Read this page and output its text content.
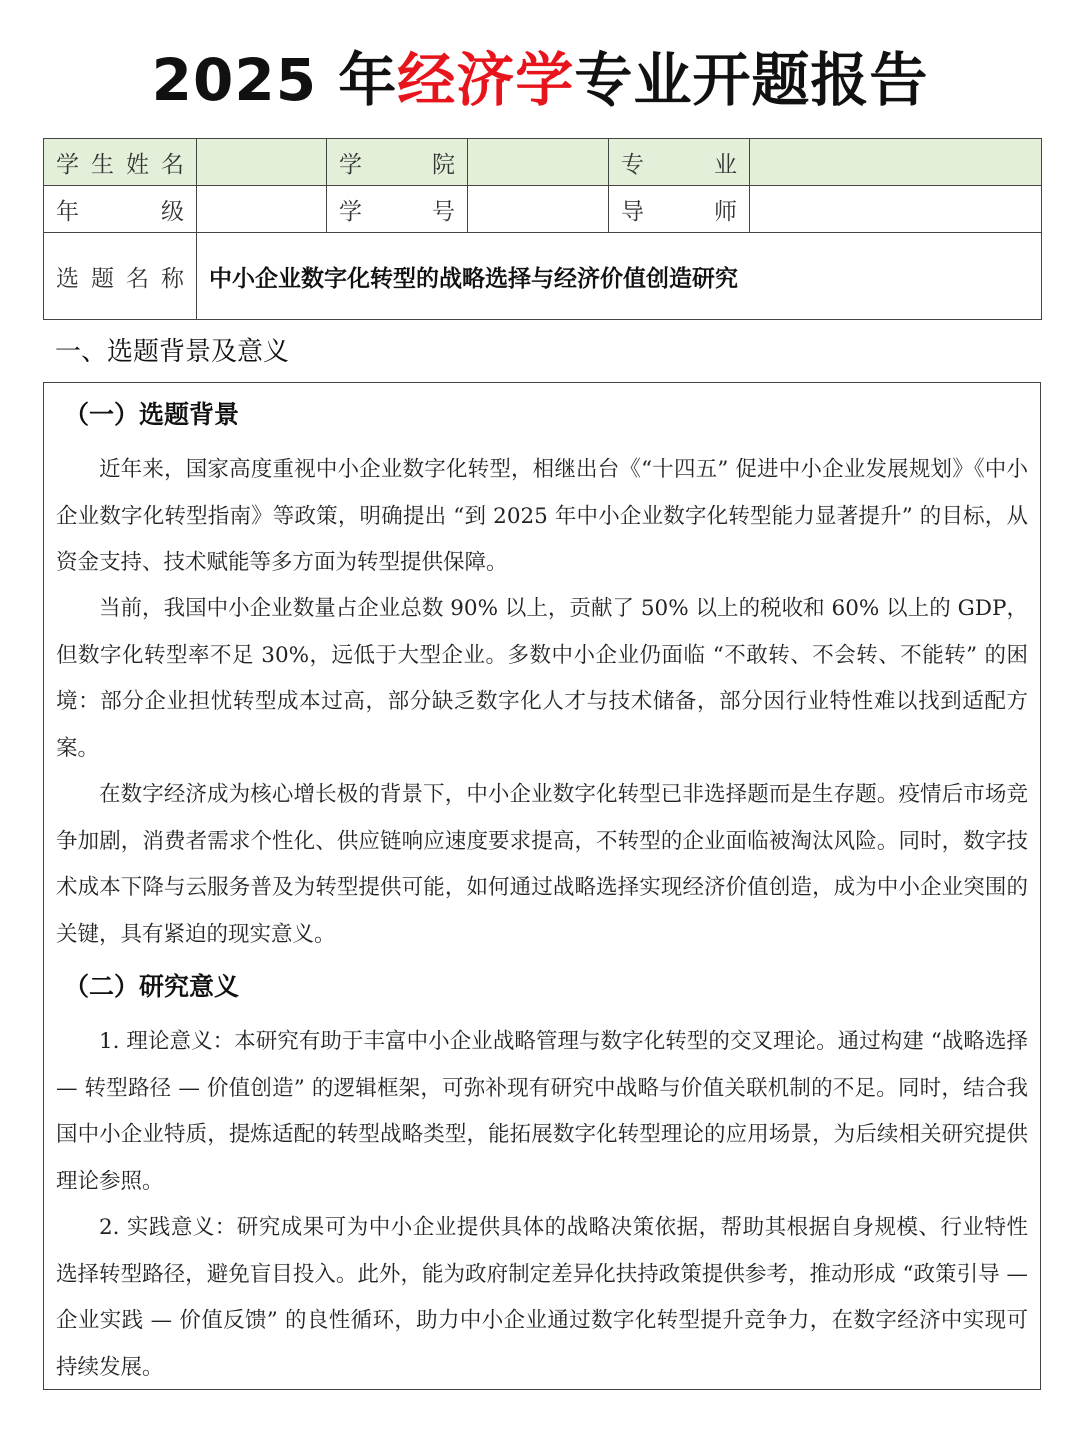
2025 年经济学专业开题报告
学 生 姓 名		学 院		专 业	

年 级		学 号		导 师	

选 题 名 称	中小企业数字化转型的战略选择与经济价值创造研究				
一、选题背景及意义
（一）选题背景

近年来，国家高度重视中小企业数字化转型，相继出台《“十四五” 促进中小企业发展规划》《中小企业数字化转型指南》等政策，明确提出 “到 2025 年中小企业数字化转型能力显著提升” 的目标，从资金支持、技术赋能等多方面为转型提供保障。

当前，我国中小企业数量占企业总数 90% 以上，贡献了 50% 以上的税收和 60% 以上的 GDP，但数字化转型率不足 30%，远低于大型企业。多数中小企业仍面临 “不敢转、不会转、不能转” 的困境：部分企业担忧转型成本过高，部分缺乏数字化人才与技术储备，部分因行业特性难以找到适配方案。

在数字经济成为核心增长极的背景下，中小企业数字化转型已非选择题而是生存题。疫情后市场竞争加剧，消费者需求个性化、供应链响应速度要求提高，不转型的企业面临被淘汰风险。同时，数字技术成本下降与云服务普及为转型提供可能，如何通过战略选择实现经济价值创造，成为中小企业突围的关键，具有紧迫的现实意义。

（二）研究意义

1. 理论意义：本研究有助于丰富中小企业战略管理与数字化转型的交叉理论。通过构建 “战略选择 — 转型路径 — 价值创造” 的逻辑框架，可弥补现有研究中战略与价值关联机制的不足。同时，结合我国中小企业特质，提炼适配的转型战略类型，能拓展数字化转型理论的应用场景，为后续相关研究提供理论参照。

2. 实践意义：研究成果可为中小企业提供具体的战略决策依据，帮助其根据自身规模、行业特性选择转型路径，避免盲目投入。此外，能为政府制定差异化扶持政策提供参考，推动形成 “政策引导 — 企业实践 — 价值反馈” 的良性循环，助力中小企业通过数字化转型提升竞争力，在数字经济中实现可持续发展。
